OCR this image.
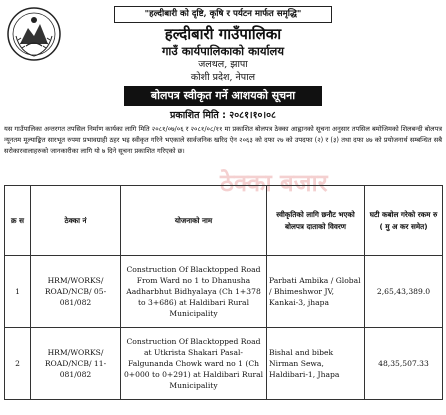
"हल्दीबारी को दृष्टि, कृषि र पर्यटन मार्फत समृद्धि"
हल्दीबारी गाउँपालिका
गाउँ कार्यपालिकाको कार्यालय
जलथल, झापा
कोशी प्रदेश, नेपाल
बोलपत्र स्वीकृत गर्ने आशयको सूचना
प्रकाशित मिति : २०८१।१०।०८
यस गाउँपालिका अन्तरगत तपसिल निर्माण कार्यका लागि मिति २०८१/०७/०६ र २०८१/०८/११ मा प्रकाशित बोलपत्र ठेक्का आह्वानको सूचना अनुसार तपसिल बमोजिमको शिलबन्दी बोलपत्र न्यूनतम मूल्याङ्कित सारभूत रुपमा प्रभावग्राही ठहर भइ स्वीकृत गरिने भएकाले सार्वजनिक खरिद ऐन २०६३ को दफा २७ को उपदफा (२) र (३) तथा दफा ४७ को प्रयोजनार्थ सम्बन्धित सबै सरोकारवालाहरुको जानकारीका लागि यो ७ दिने सूचना प्रकाशित गरिएको छ।
ठेक्का बजार
क्र स	ठेक्का नं	योजनाको नाम	स्वीकृतिको लागि छनौट भएको बोलपत्र दाताको विवरण	घटी कबोल गरेको रकम रु ( मु अ कर समेत)
1	HRM/WORKS/ ROAD/NCB/ 05-081/082	Construction Of Blacktopped Road From Ward no 1 to Dhanusha Aadharbhut Bidhyalaya (Ch 1+378 to 3+686) at Haldibari Rural Municipality	Parbati Ambika / Global / Bhimeshwor JV, Kankai-3, jhapa	2,65,43,389.0
2	HRM/WORKS/ ROAD/NCB/ 11-081/082	Construction Of Blacktopped Road at Utkrista Shakari Pasal-Falgunanda Chowk ward no 1 (Ch 0+000 to 0+291) at Haldibari Rural Municipality	Bishal and bibek Nirman Sewa, Haldibari-1, Jhapa	48,35,507.33
